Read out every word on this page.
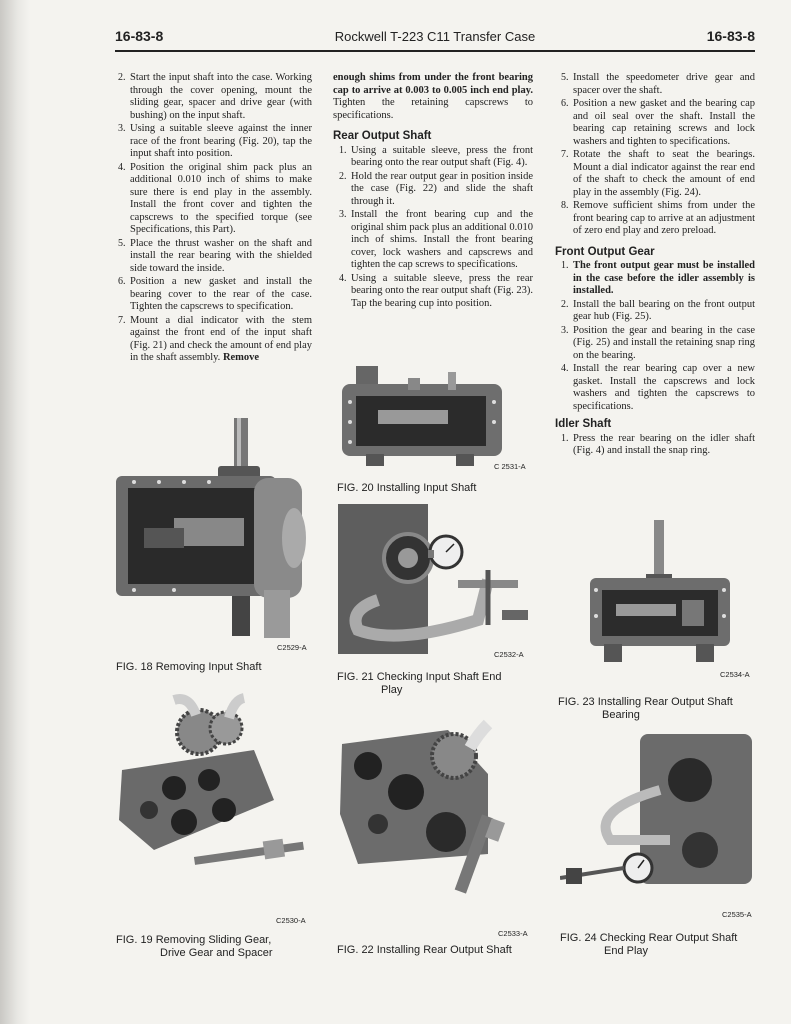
16-83-8	Rockwell T-223 C11 Transfer Case	16-83-8
2. Start the input shaft into the case. Working through the cover opening, mount the sliding gear, spacer and drive gear (with bushing) on the input shaft.
3. Using a suitable sleeve against the inner race of the front bearing (Fig. 20), tap the input shaft into position.
4. Position the original shim pack plus an additional 0.010 inch of shims to make sure there is end play in the assembly. Install the front cover and tighten the capscrews to the specified torque (see Specifications, this Part).
5. Place the thrust washer on the shaft and install the rear bearing with the shielded side toward the inside.
6. Position a new gasket and install the bearing cover to the rear of the case. Tighten the capscrews to specification.
7. Mount a dial indicator with the stem against the front end of the input shaft (Fig. 21) and check the amount of end play in the shaft assembly. Remove

enough shims from under the front bearing cap to arrive at 0.003 to 0.005 inch end play. Tighten the retaining capscrews to specifications.

Rear Output Shaft
1. Using a suitable sleeve, press the front bearing onto the rear output shaft (Fig. 4).
2. Hold the rear output gear in position inside the case (Fig. 22) and slide the shaft through it.
3. Install the front bearing cup and the original shim pack plus an additional 0.010 inch of shims. Install the front bearing cover, lock washers and capscrews and tighten the cap screws to specifications.
4. Using a suitable sleeve, press the rear bearing onto the rear output shaft (Fig. 23). Tap the bearing cup into position.
5. Install the speedometer drive gear and spacer over the shaft.
6. Position a new gasket and the bearing cap and oil seal over the shaft. Install the bearing cap retaining screws and lock washers and tighten to specifications.
7. Rotate the shaft to seat the bearings. Mount a dial indicator against the rear end of the shaft to check the amount of end play in the assembly (Fig. 24).
8. Remove sufficient shims from under the front bearing cap to arrive at an adjustment of zero end play and zero preload.
Front Output Gear
1. The front output gear must be installed in the case before the idler assembly is installed.
2. Install the ball bearing on the front output gear hub (Fig. 25).
3. Position the gear and bearing in the case (Fig. 25) and install the retaining snap ring on the bearing.
4. Install the rear bearing cap over a new gasket. Install the capscrews and lock washers and tighten the capscrews to specifications.
Idler Shaft
1. Press the rear bearing on the idler shaft (Fig. 4) and install the snap ring.
C2529-A
FIG. 18 Removing Input Shaft
C2530-A
FIG. 19 Removing Sliding Gear,
Drive Gear and Spacer
C 2531-A
FIG. 20 Installing Input Shaft
C2532-A
FIG. 21 Checking Input Shaft End
Play
C2533-A
FIG. 22 Installing Rear Output Shaft
C2534-A
FIG. 23 Installing Rear Output Shaft
Bearing
C2535-A
FIG. 24 Checking Rear Output Shaft
End Play
